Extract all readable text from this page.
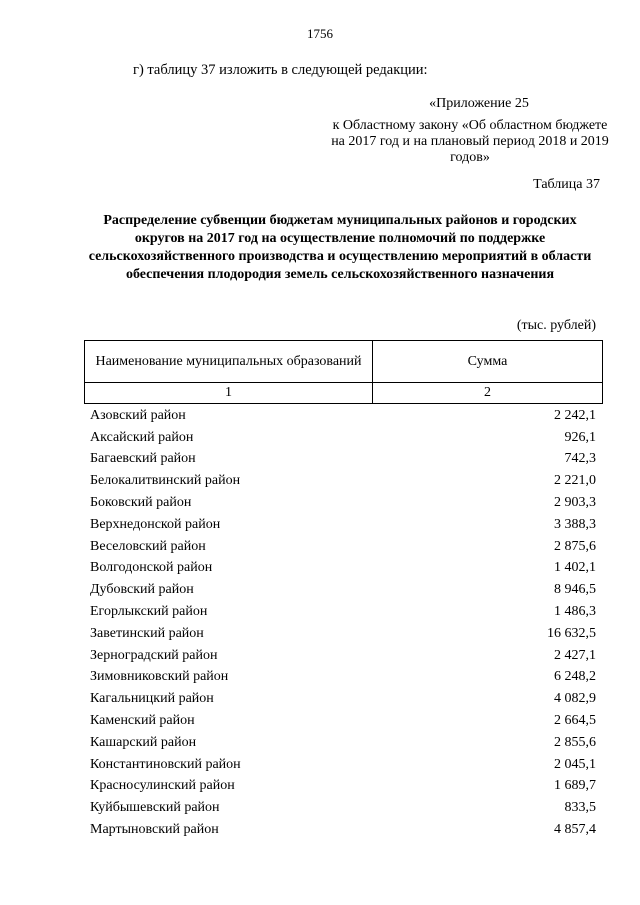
1756
г) таблицу 37 изложить в следующей редакции:
«Приложение 25
к Областному закону «Об областном бюджете на 2017 год и на плановый период 2018 и 2019 годов»
Таблица 37
Распределение субвенции бюджетам муниципальных районов и городских округов на 2017 год на осуществление полномочий по поддержке сельскохозяйственного производства и осуществлению мероприятий в области обеспечения плодородия земель сельскохозяйственного назначения
(тыс. рублей)
Наименование муниципальных образований	Сумма
1	2
Азовский район	2 242,1
Аксайский район	926,1
Багаевский район	742,3
Белокалитвинский район	2 221,0
Боковский район	2 903,3
Верхнедонской район	3 388,3
Веселовский район	2 875,6
Волгодонской район	1 402,1
Дубовский район	8 946,5
Егорлыкский район	1 486,3
Заветинский район	16 632,5
Зерноградский район	2 427,1
Зимовниковский район	6 248,2
Кагальницкий район	4 082,9
Каменский район	2 664,5
Кашарский район	2 855,6
Константиновский район	2 045,1
Красносулинский район	1 689,7
Куйбышевский район	833,5
Мартыновский район	4 857,4
